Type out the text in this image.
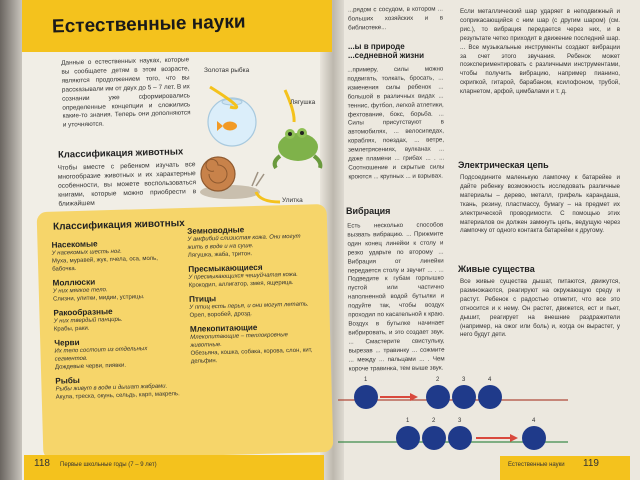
Естественные науки
Данные о естественных науках, которые вы сообщаете детям в этом возрасте, являются продолжением того, что вы рассказывали им от двух до 5 – 7 лет. В их сознании уже сформировались определенные концепции и сложились какие-то знания. Теперь они дополняются и уточняются.
Классификация животных
Чтобы вместе с ребенком изучать все многообразие животных и их характерные особенности, вы можете воспользоваться книгами, которые можно приобрести в ближайшем
Золотая рыбка
Улитка
Лягушка
Классификация животных
Насекомые
У насекомых шесть ног.
Муха, муравей, жук, пчела, оса, моль, бабочка.
Моллюски
У них мягкое тело.
Слизни, улитки, мидии, устрицы.
Ракообразные
У них твердый панцирь.
Крабы, раки.
Черви
Их тело состоит из отдельных сегментов.
Дождевые черви, пиявки.
Рыбы
Рыбы живут в воде и дышат жабрами.
Акула, треска, окунь, сельдь, карп, макрель.
Земноводные
У амфибий слизистая кожа. Они могут жить в воде и на суше.
Лягушка, жаба, тритон.
Пресмыкающиеся
У пресмыкающихся чешуйчатая кожа.
Крокодил, аллигатор, змея, ящерица.
Птицы
У птиц есть перья, и они могут летать.
Орел, воробей, дрозд.
Млекопитающие
Млекопитающие – теплокровные животные.
Обезьяна, кошка, собака, корова, слон, кит, дельфин.
118 Первые школьные годы (7 – 9 лет)
...рядом с сосудом, в котором ... больших хозяйских и в библиотеке...
...ы в природе ...седневной жизни
...примеру, силы можно подвигать, толкать, бросать, ... изменения силы ребенок ... большой в различных видах ... теннис, футбол, легкой атлетики, фехтование, бокс, борьба. ... Силы присутствуют в автомобилях, ... велосипедах, кораблях, поездах, ... ветре, землетрясениях, вулканах ... даже пламени ... грибах ... . ... Соотношение и скрытые силы кроются ... крупных ... и взрывах.
Вибрация
Есть несколько способов вызвать вибрацию. ... Прижмите один конец линейки к столу и резко ударьте по второму ... Вибрация от линейки передается столу и звучит ... . ... Подведите к губам горлышко пустой или частично наполненной водой бутылки и подуйте так, чтобы воздух проходил по касательной к краю. Воздух в бутылке начинает вибрировать, и это создает звук. ... Смастерите свистульку, вырезав ... травинку ... сожмите ... между ... пальцами ... . Чем короче травинка, тем выше звук.
Если металлический шар ударяет в неподвижный и соприкасающийся с ним шар (с другим шаром) (см. рис.), то вибрация передается через них, и в результате четко приходит в движение последний шар. ... Все музыкальные инструменты создают вибрации за счет этого звучания. Ребенок может поэкспериментировать с различными инструментами, чтобы получить вибрацию, например пианино, скрипкой, гитарой, барабаном, ксилофоном, трубой, кларнетом, арфой, цимбалами и т. д.
Электрическая цепь
Подсоедините маленькую лампочку к батарейке и дайте ребенку возможность исследовать различные материалы – дерево, металл, грифель карандаша, ткань, резину, пластмассу, бумагу – на предмет их электрической проводимости. С помощью этих материалов он должен замкнуть цепь, ведущую через лампочку от одного контакта батарейки к другому.
Живые существа
Все живые существа дышат, питаются, движутся, размножаются, реагируют на окружающую среду и растут. Ребенок с радостью отметит, что все это относится и к нему. Он растет, движется, ест и пьет, дышит, реагирует на внешние раздражители (например, на ожог или боль) и, когда он вырастет, у него будут дети.
1	2	3	4
1	2	3	4
Естественные науки 119
